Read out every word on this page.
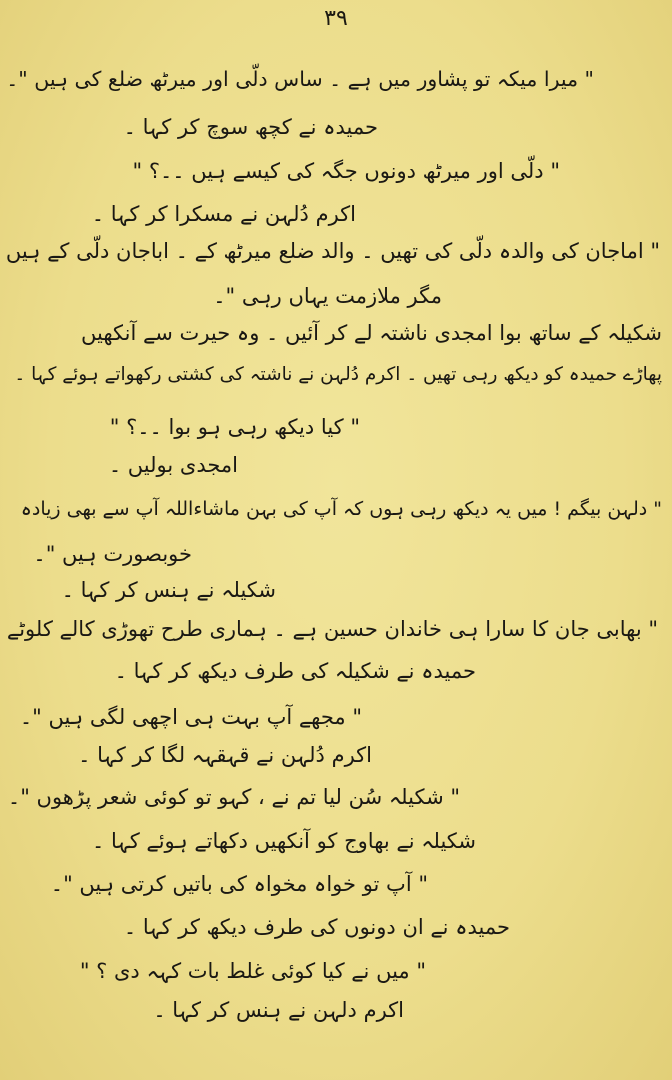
۳۹
" میرا میکہ تو پشاور میں ہے ۔ ساس دلّی اور میرٹھ ضلع کی ہیں "۔
حمیدہ نے کچھ سوچ کر کہا ۔
" دلّی اور میرٹھ دونوں جگہ کی کیسے ہیں ۔۔؟ "
اکرم دُلہن نے مسکرا کر کہا ۔
" اماجان کی والدہ دلّی کی تھیں ۔ والد ضلع میرٹھ کے ۔ اباجان دلّی کے ہیں
مگر ملازمت یہاں رہی "۔
شکیلہ کے ساتھ بوا امجدی ناشتہ لے کر آئیں ۔ وہ حیرت سے آنکھیں
پھاڑے حمیدہ کو دیکھ رہی تھیں ۔ اکرم دُلہن نے ناشتہ کی کشتی رکھواتے ہوئے کہا ۔
" کیا دیکھ رہی ہو بوا ۔۔؟ "
امجدی بولیں ۔
" دلہن بیگم ! میں یہ دیکھ رہی ہوں کہ آپ کی بہن ماشاءاللہ آپ سے بھی زیادہ
خوبصورت ہیں "۔
شکیلہ نے ہنس کر کہا ۔
" بھابی جان کا سارا ہی خاندان حسین ہے ۔ ہماری طرح تھوڑی کالے کلوٹے
حمیدہ نے شکیلہ کی طرف دیکھ کر کہا ۔
" مجھے آپ بہت ہی اچھی لگی ہیں "۔
اکرم دُلہن نے قہقہہ لگا کر کہا ۔
" شکیلہ سُن لیا تم نے ، کہو تو کوئی شعر پڑھوں "۔
شکیلہ نے بھاوج کو آنکھیں دکھاتے ہوئے کہا ۔
" آپ تو خواہ مخواہ کی باتیں کرتی ہیں "۔
حمیدہ نے ان دونوں کی طرف دیکھ کر کہا ۔
" میں نے کیا کوئی غلط بات کہہ دی ؟ "
اکرم دلہن نے ہنس کر کہا ۔
